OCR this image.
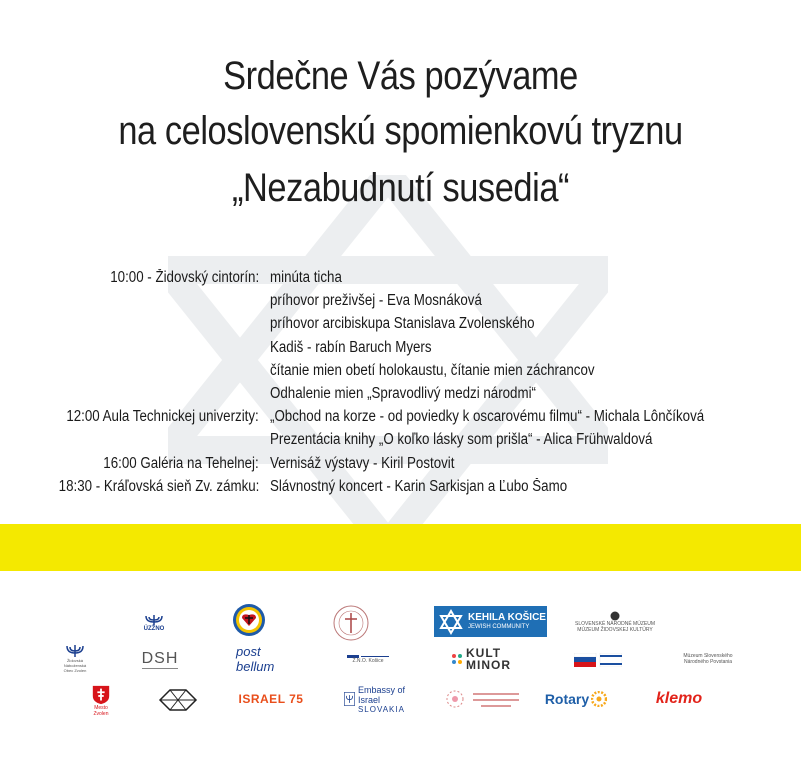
Srdečne Vás pozývame
na celoslovenskú spomienkovú tryznu
„Nezabudnutí susedia“
10:00 - Židovský cintorín: minúta ticha
príhovor preživšej - Eva Mosnáková
príhovor arcibiskupa Stanislava Zvolenského
Kadiš - rabín Baruch Myers
čítanie mien obetí holokaustu, čítanie mien záchrancov
Odhalenie mien „Spravodlivý medzi národmi“
12:00 Aula Technickej univerzity: „Obchod na korze - od poviedky k oscarovému filmu“ - Michala Lônčíková
Prezentácia knihy „O koľko lásky som prišla“ - Alica Frühwaldová
16:00 Galéria na Tehelnej: Vernisáž výstavy - Kiril Postovit
18:30 - Kráľovská sieň Zv. zámku: Slávnostný koncert - Karin Sarkisjan a Ľubo Šamo
ÚZŽNO
KEHILA KOŠICE
JEWISH COMMUNITY	SLOVENSKÉ NÁRODNÉ MÚZEUM
MÚZEUM ŽIDOVSKEJ KULTÚRY
Židovská Náboženská Obec Zvolen
DSH	post bellum	Ž.N.O. Košice
KULT
MINOR
Múzeum Slovenského Národného Povstania
Mesto Zvolen
ISRAEL 75
Embassy of Israel
SLOVAKIA
Rotary	klemo
